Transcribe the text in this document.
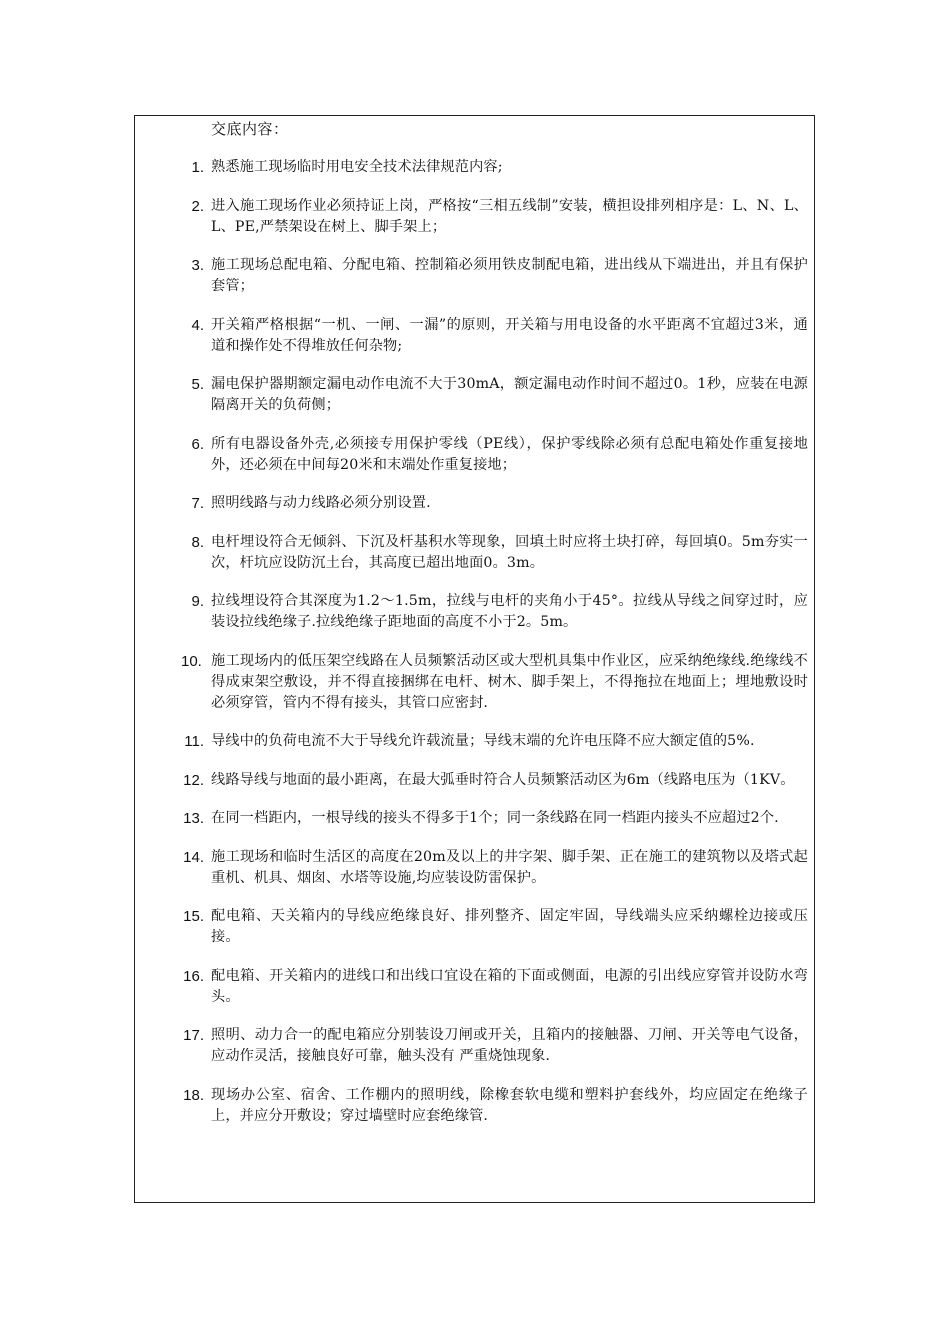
交底内容：
1. 熟悉施工现场临时用电安全技术法律规范内容;
2. 进入施工现场作业必须持证上岗，严格按“三相五线制”安装，横担设排列相序是：L、N、L、L、PE,严禁架设在树上、脚手架上；
3. 施工现场总配电箱、分配电箱、控制箱必须用铁皮制配电箱，进出线从下端进出，并且有保护套管；
4. 开关箱严格根据“一机、一闸、一漏”的原则，开关箱与用电设备的水平距离不宜超过3米，通道和操作处不得堆放任何杂物;
5. 漏电保护器期额定漏电动作电流不大于30mA，额定漏电动作时间不超过0。1秒，应装在电源隔离开关的负荷侧；
6. 所有电器设备外壳,必须接专用保护零线（PE线），保护零线除必须有总配电箱处作重复接地外，还必须在中间每20米和末端处作重复接地；
7. 照明线路与动力线路必须分别设置.
8. 电杆埋设符合无倾斜、下沉及杆基积水等现象，回填土时应将土块打碎，每回填0。5m夯实一次，杆坑应设防沉土台，其高度已超出地面0。3m。
9. 拉线埋设符合其深度为1.2～1.5m，拉线与电杆的夹角小于45°。拉线从导线之间穿过时，应装设拉线绝缘子.拉线绝缘子距地面的高度不小于2。5m。
10. 施工现场内的低压架空线路在人员频繁活动区或大型机具集中作业区，应采纳绝缘线.绝缘线不得成束架空敷设，并不得直接捆绑在电杆、树木、脚手架上，不得拖拉在地面上；埋地敷设时必须穿管，管内不得有接头，其管口应密封.
11. 导线中的负荷电流不大于导线允许载流量；导线末端的允许电压降不应大额定值的5%.
12. 线路导线与地面的最小距离，在最大弧垂时符合人员频繁活动区为6m（线路电压为（1KV。
13. 在同一档距内，一根导线的接头不得多于1个；同一条线路在同一档距内接头不应超过2个.
14. 施工现场和临时生活区的高度在20m及以上的井字架、脚手架、正在施工的建筑物以及塔式起重机、机具、烟囱、水塔等设施,均应装设防雷保护。
15. 配电箱、天关箱内的导线应绝缘良好、排列整齐、固定牢固，导线端头应采纳螺栓边接或压接。
16. 配电箱、开关箱内的进线口和出线口宜设在箱的下面或侧面，电源的引出线应穿管并设防水弯头。
17. 照明、动力合一的配电箱应分别装设刀闸或开关，且箱内的接触器、刀闸、开关等电气设备，应动作灵活，接触良好可靠，触头没有 严重烧蚀现象.
18. 现场办公室、宿舍、工作棚内的照明线，除橡套软电缆和塑料护套线外，均应固定在绝缘子上，并应分开敷设；穿过墙壁时应套绝缘管.
